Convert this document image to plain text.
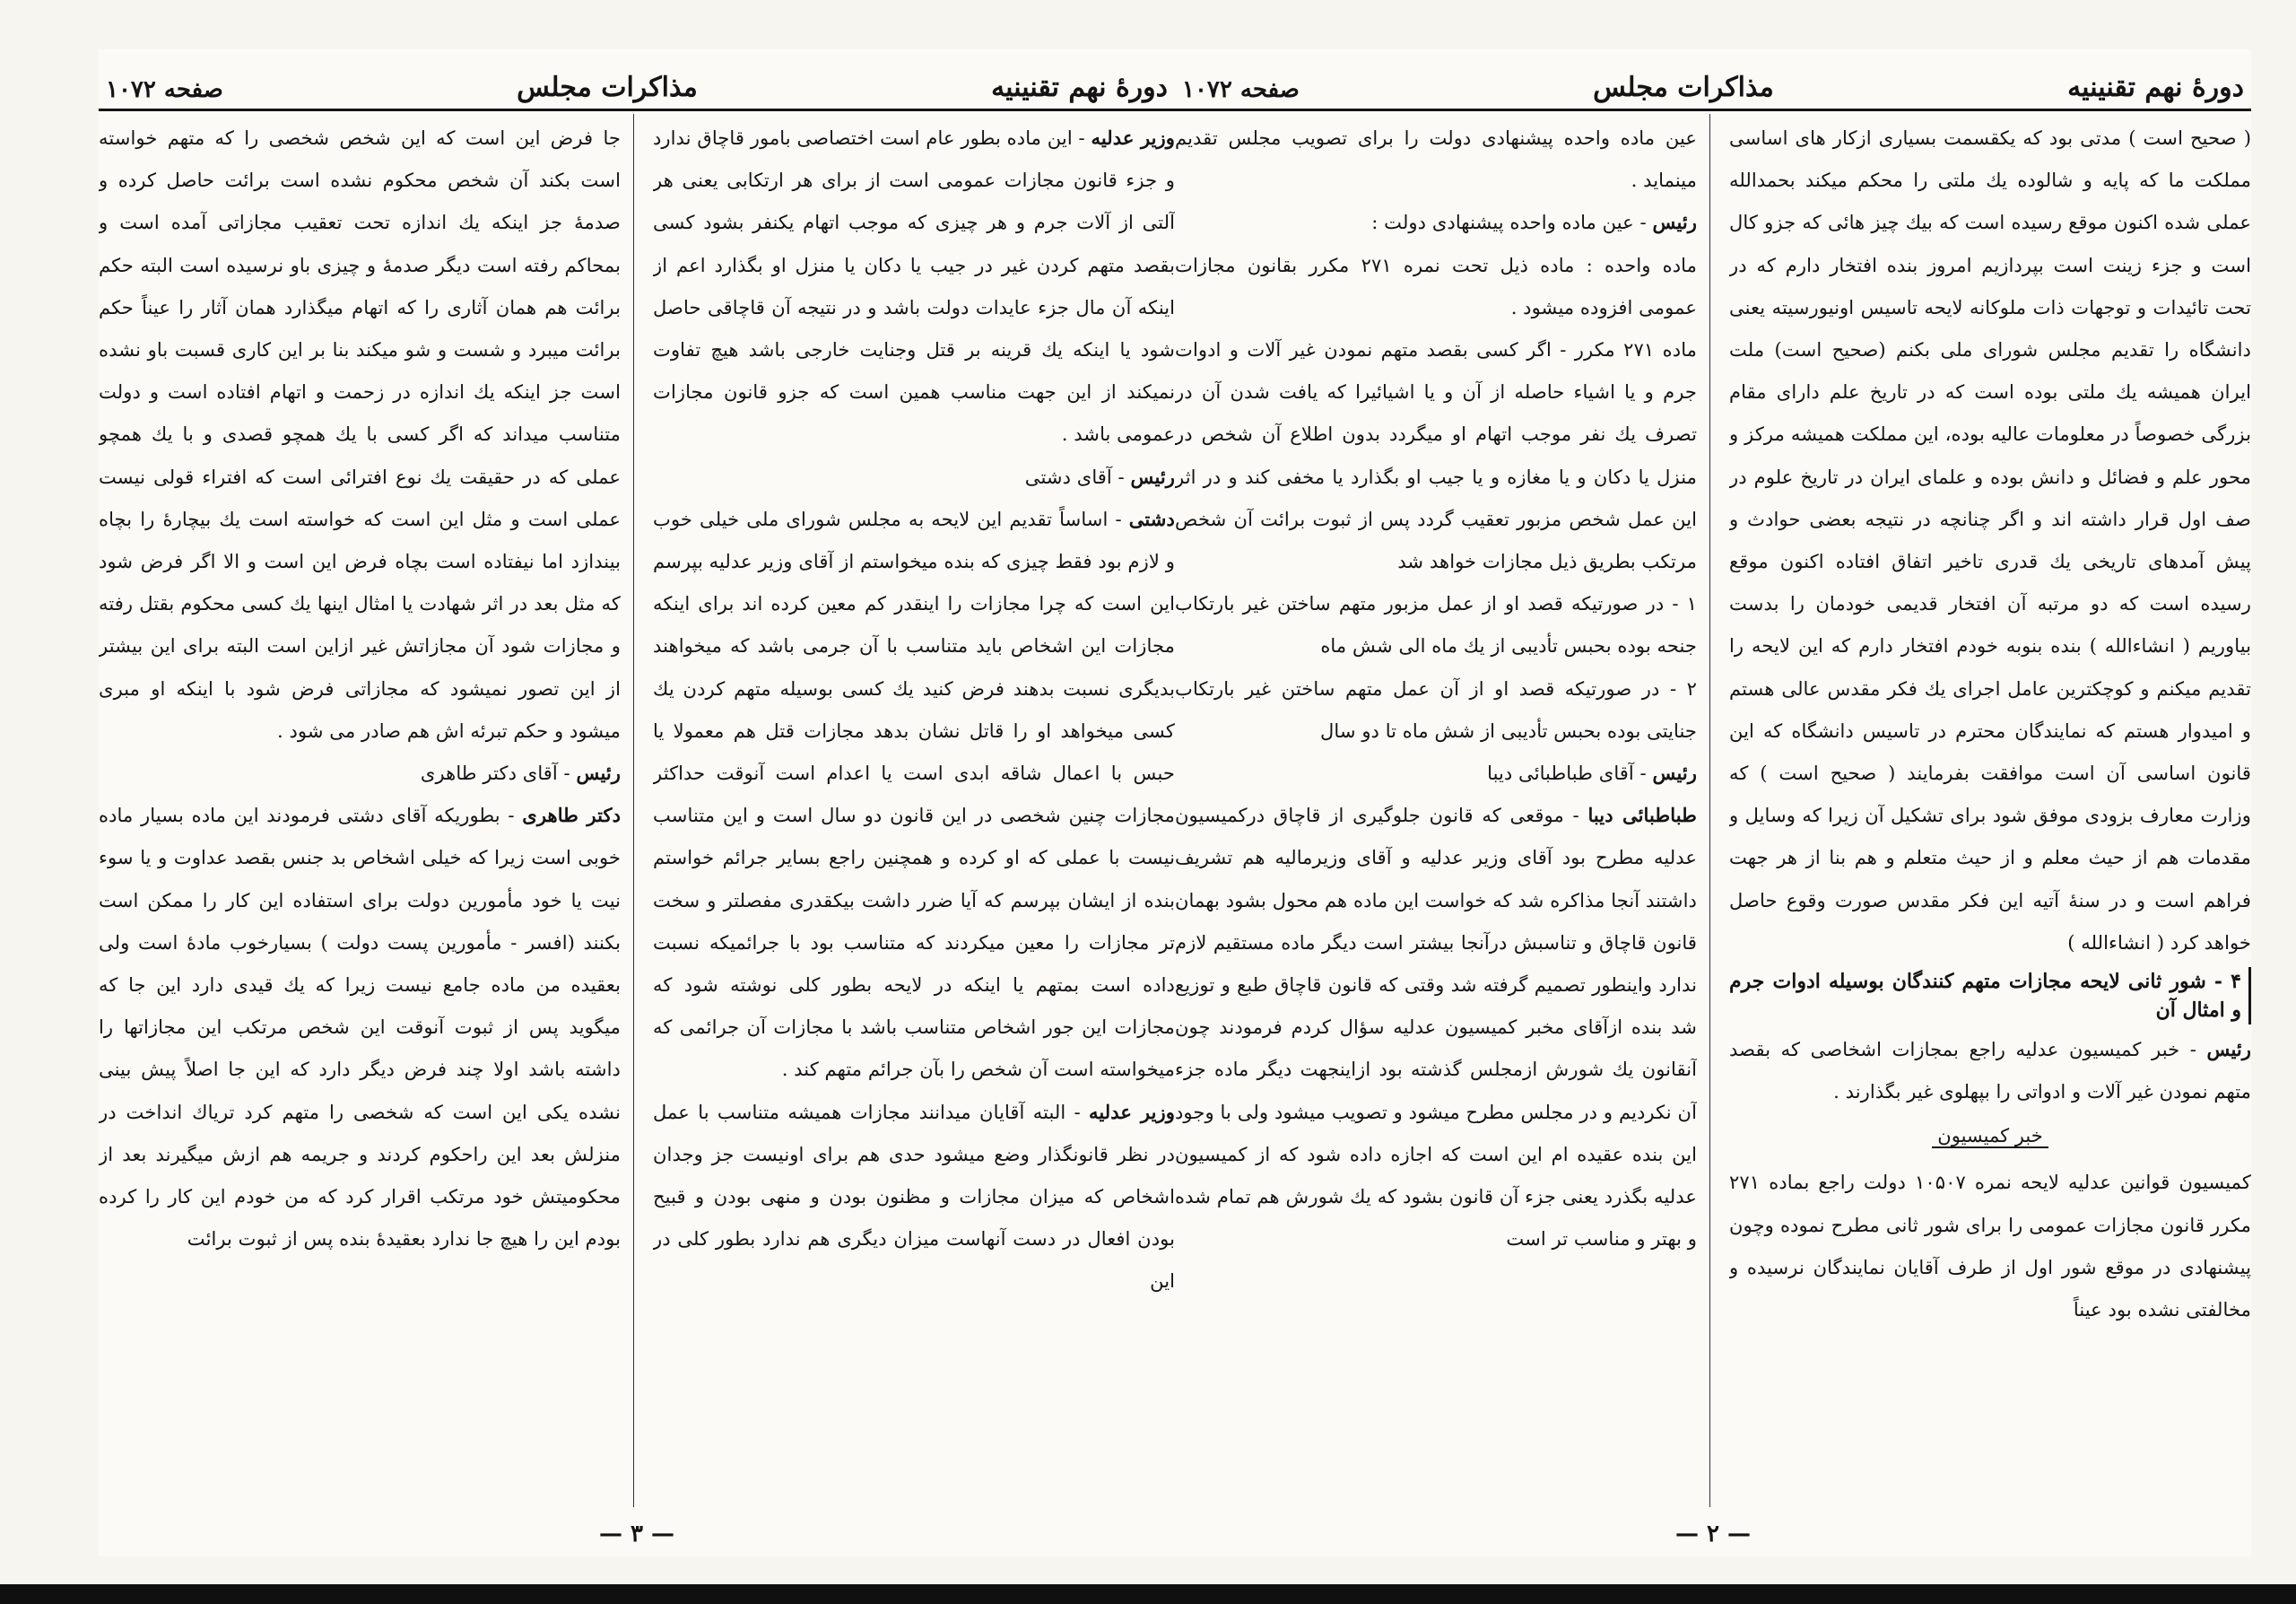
دورهٔ نهم تقنینیه
مذاکرات مجلس
صفحه ۱۰۷۲

( صحیح است ) مدتی بود که یکقسمت بسیاری ازکار های اساسی مملکت ما که پایه و شالوده یك ملتی را محکم میکند بحمدالله عملی شده اکنون موقع رسیده است که بیك چیز هائی که جزو کال است و جزء زینت است بپردازیم امروز بنده افتخار دارم که در تحت تائیدات و توجهات ذات ملوکانه لایحه تاسیس اونیورسیته یعنی دانشگاه را تقدیم مجلس شورای ملی بکنم (صحیح است) ملت ایران همیشه یك ملتی بوده است که در تاریخ علم دارای مقام بزرگی خصوصاً در معلومات عالیه بوده، این مملکت همیشه مرکز و محور علم و فضائل و دانش بوده و علمای ایران در تاریخ علوم در صف اول قرار داشته اند و اگر چنانچه در نتیجه بعضی حوادث و پیش آمدهای تاریخی یك قدری تاخیر اتفاق افتاده اکنون موقع رسیده است که دو مرتبه آن افتخار قدیمی خودمان را بدست بیاوریم ( انشاءالله ) بنده بنوبه خودم افتخار دارم که این لایحه را تقدیم میکنم و کوچکترین عامل اجرای یك فکر مقدس عالی هستم و امیدوار هستم که نمایندگان محترم در تاسیس دانشگاه که این قانون اساسی آن است موافقت بفرمایند ( صحیح است ) که وزارت معارف بزودی موفق شود برای تشکیل آن زیرا که وسایل و مقدمات هم از حیث معلم و از حیث متعلم و هم بنا از هر جهت فراهم است و در سنهٔ آتیه این فکر مقدس صورت وقوع حاصل خواهد کرد ( انشاءالله )

۴ - شور ثانی لایحه مجازات متهم کنندگان بوسیله ادوات جرم و امثال آن

رئیس - خبر کمیسیون عدلیه راجع بمجازات اشخاصی که بقصد متهم نمودن غیر آلات و ادواتی را بپهلوی غیر بگذارند .

خبر کمیسیون

کمیسیون قوانین عدلیه لایحه نمره ۱۰۵۰۷ دولت راجع بماده ۲۷۱ مکرر قانون مجازات عمومی را برای شور ثانی مطرح نموده وچون پیشنهادی در موقع شور اول از طرف آقایان نمایندگان نرسیده و مخالفتی نشده بود عیناً

عین ماده واحده پیشنهادی دولت را برای تصویب مجلس تقدیم مینماید .

رئیس - عین ماده واحده پیشنهادی دولت :

ماده واحده : ماده ذیل تحت نمره ۲۷۱ مکرر بقانون مجازات عمومی افزوده میشود .

ماده ۲۷۱ مکرر - اگر کسی بقصد متهم نمودن غیر آلات و ادوات جرم و یا اشیاء حاصله از آن و یا اشیائیرا که یافت شدن آن در تصرف یك نفر موجب اتهام او میگردد بدون اطلاع آن شخص در منزل یا دکان و یا مغازه و یا جیب او بگذارد یا مخفی کند و در اثر این عمل شخص مزبور تعقیب گردد پس از ثبوت برائت آن شخص مرتکب بطریق ذیل مجازات خواهد شد

۱ - در صورتیکه قصد او از عمل مزبور متهم ساختن غیر بارتکاب جنحه بوده بحبس تأدیبی از یك ماه الی شش ماه

۲ - در صورتیکه قصد او از آن عمل متهم ساختن غیر بارتکاب جنایتی بوده بحبس تأدیبی از شش ماه تا دو سال

رئیس - آقای طباطبائی دیبا

طباطبائی دیبا - موقعی که قانون جلوگیری از قاچاق درکمیسیون عدلیه مطرح بود آقای وزیر عدلیه و آقای وزیرمالیه هم تشریف داشتند آنجا مذاکره شد که خواست این ماده هم محول بشود بهمان قانون قاچاق و تناسبش درآنجا بیشتر است دیگر ماده مستقیم لازم ندارد واینطور تصمیم گرفته شد وقتی که قانون قاچاق طبع و توزیع شد بنده ازآقای مخبر کمیسیون عدلیه سؤال کردم فرمودند چون آنقانون یك شورش ازمجلس گذشته بود ازاینجهت دیگر ماده جزء آن نکردیم و در مجلس مطرح میشود و تصویب میشود ولی با وجود این بنده عقیده ام این است که اجازه داده شود که از کمیسیون عدلیه بگذرد یعنی جزء آن قانون بشود که یك شورش هم تمام شده و بهتر و مناسب تر است

— ۲ —
دورهٔ نهم تقنینیه
مذاکرات مجلس
صفحه ۱۰۷۲

وزیر عدلیه - این ماده بطور عام است اختصاصی بامور قاچاق ندارد و جزء قانون مجازات عمومی است از برای هر ارتکابی یعنی هر آلتی از آلات جرم و هر چیزی که موجب اتهام یکنفر بشود کسی بقصد متهم کردن غیر در جیب یا دکان یا منزل او بگذارد اعم از اینکه آن مال جزء عایدات دولت باشد و در نتیجه آن قاچاقی حاصل شود یا اینکه یك قرینه بر قتل وجنایت خارجی باشد هیچ تفاوت نمیکند از این جهت مناسب همین است که جزو قانون مجازات عمومی باشد .

رئیس - آقای دشتی

دشتی - اساساً تقدیم این لایحه به مجلس شورای ملی خیلی خوب و لازم بود فقط چیزی که بنده میخواستم از آقای وزیر عدلیه بپرسم این است که چرا مجازات را اینقدر کم معین کرده اند برای اینکه مجازات این اشخاص باید متناسب با آن جرمی باشد که میخواهند بدیگری نسبت بدهند فرض کنید یك کسی بوسیله متهم کردن یك کسی میخواهد او را قاتل نشان بدهد مجازات قتل هم معمولا یا حبس با اعمال شاقه ابدی است یا اعدام است آنوقت حداکثر مجازات چنین شخصی در این قانون دو سال است و این متناسب نیست با عملی که او کرده و همچنین راجع بسایر جرائم خواستم بنده از ایشان بپرسم که آیا ضرر داشت بیکقدری مفصلتر و سخت تر مجازات را معین میکردند که متناسب بود با جرائمیکه نسبت داده است بمتهم یا اینکه در لایحه بطور کلی نوشته شود که مجازات این جور اشخاص متناسب باشد با مجازات آن جرائمی که میخواسته است آن شخص را بآن جرائم متهم کند .

وزیر عدلیه - البته آقایان میدانند مجازات همیشه متناسب با عمل در نظر قانونگذار وضع میشود حدی هم برای اونیست جز وجدان اشخاص که میزان مجازات و مظنون بودن و منهی بودن و قبیح بودن افعال در دست آنهاست میزان دیگری هم ندارد بطور کلی در این

جا فرض این است که این شخص شخصی را که متهم خواسته است بکند آن شخص محکوم نشده است برائت حاصل کرده و صدمهٔ جز اینکه یك اندازه تحت تعقیب مجازاتی آمده است و بمحاکم رفته است دیگر صدمهٔ و چیزی باو نرسیده است البته حکم برائت هم همان آثاری را که اتهام میگذارد همان آثار را عیناً حکم برائت میبرد و شست و شو میکند بنا بر این کاری قسبت باو نشده است جز اینکه یك اندازه در زحمت و اتهام افتاده است و دولت متناسب میداند که اگر کسی با یك همچو قصدی و با یك همچو عملی که در حقیقت یك نوع افترائی است که افتراء قولی نیست عملی است و مثل این است که خواسته است یك بیچارهٔ را بچاه بیندازد اما نیفتاده است بچاه فرض این است و الا اگر فرض شود که مثل بعد در اثر شهادت یا امثال اینها یك کسی محکوم بقتل رفته و مجازات شود آن مجازاتش غیر ازاین است البته برای این بیشتر از این تصور نمیشود که مجازاتی فرض شود با اینکه او مبری میشود و حکم تبرئه اش هم صادر می شود .

رئیس - آقای دکتر طاهری

دکتر طاهری - بطوریکه آقای دشتی فرمودند این ماده بسیار ماده خوبی است زیرا که خیلی اشخاص بد جنس بقصد عداوت و یا سوء نیت یا خود مأمورین دولت برای استفاده این کار را ممکن است بکنند (افسر - مأمورین پست دولت ) بسیارخوب مادهٔ است ولی بعقیده من ماده جامع نیست زیرا که یك قیدی دارد این جا که میگوید پس از ثبوت آنوقت این شخص مرتکب این مجازاتها را داشته باشد اولا چند فرض دیگر دارد که این جا اصلاً پیش بینی نشده یکی این است که شخصی را متهم کرد تریاك انداخت در منزلش بعد این راحکوم کردند و جریمه هم ازش میگیرند بعد از محکومیتش خود مرتکب اقرار کرد که من خودم این کار را کرده بودم این را هیچ جا ندارد بعقیدهٔ بنده پس از ثبوت برائت

— ۳ —
